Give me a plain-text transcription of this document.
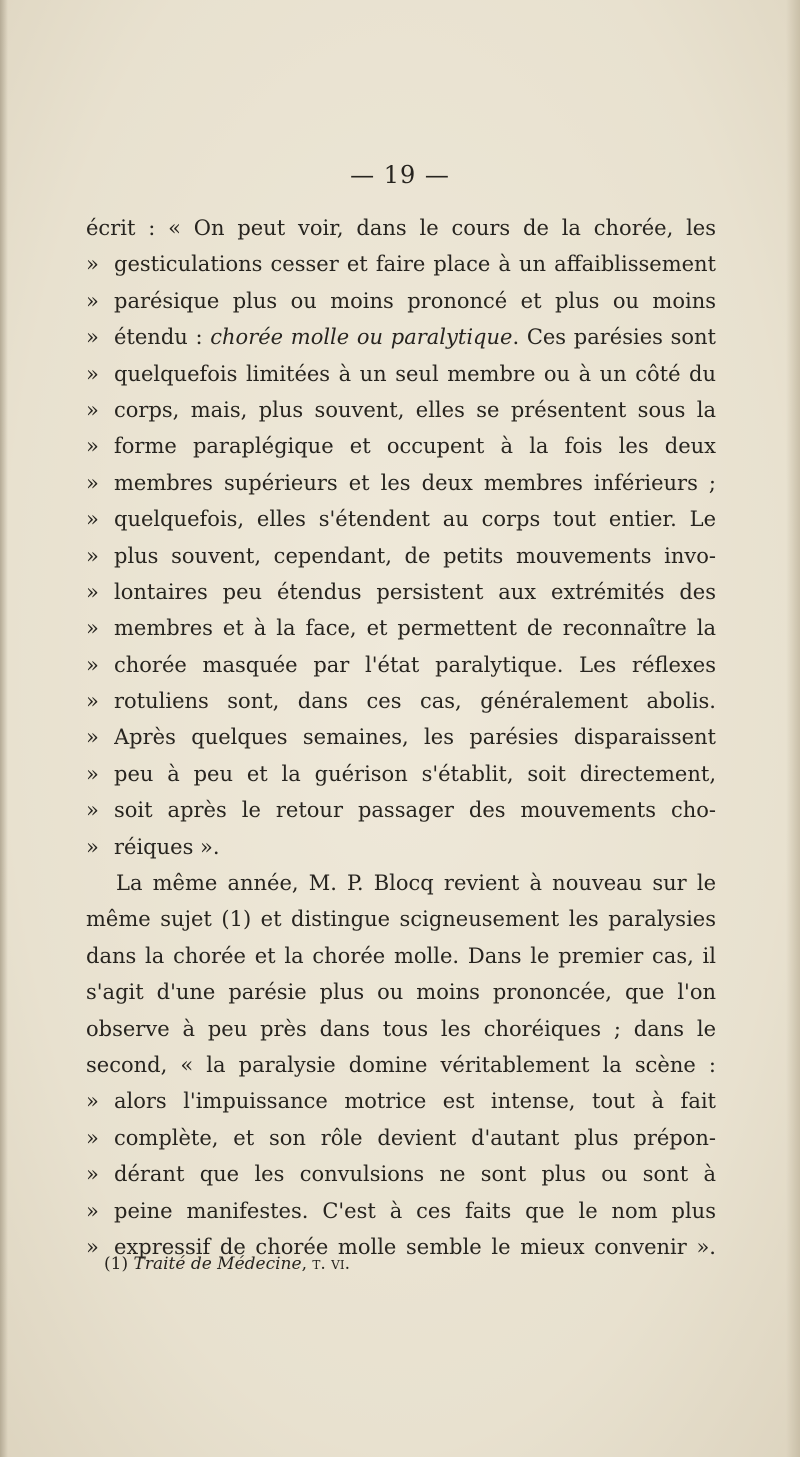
— 19 —
écrit : « On peut voir, dans le cours de la chorée, les
» gesticulations cesser et faire place à un affaiblissement
» parésique plus ou moins prononcé et plus ou moins
» étendu : chorée molle ou paralytique. Ces parésies sont
» quelquefois limitées à un seul membre ou à un côté du
» corps, mais, plus souvent, elles se présentent sous la
» forme paraplégique et occupent à la fois les deux
» membres supérieurs et les deux membres inférieurs ;
» quelquefois, elles s'étendent au corps tout entier. Le
» plus souvent, cependant, de petits mouvements invo-
» lontaires peu étendus persistent aux extrémités des
» membres et à la face, et permettent de reconnaître la
» chorée masquée par l'état paralytique. Les réflexes
» rotuliens sont, dans ces cas, généralement abolis.
» Après quelques semaines, les parésies disparaissent
» peu à peu et la guérison s'établit, soit directement,
» soit après le retour passager des mouvements cho-
» réiques ».
La même année, M. P. Blocq revient à nouveau sur le
même sujet (1) et distingue scigneusement les paralysies
dans la chorée et la chorée molle. Dans le premier cas, il
s'agit d'une parésie plus ou moins prononcée, que l'on
observe à peu près dans tous les choréiques ; dans le
second, « la paralysie domine véritablement la scène :
» alors l'impuissance motrice est intense, tout à fait
» complète, et son rôle devient d'autant plus prépon-
» dérant que les convulsions ne sont plus ou sont à
» peine manifestes. C'est à ces faits que le nom plus
» expressif de chorée molle semble le mieux convenir ».
(1) Traité de Médecine, t. vi.
